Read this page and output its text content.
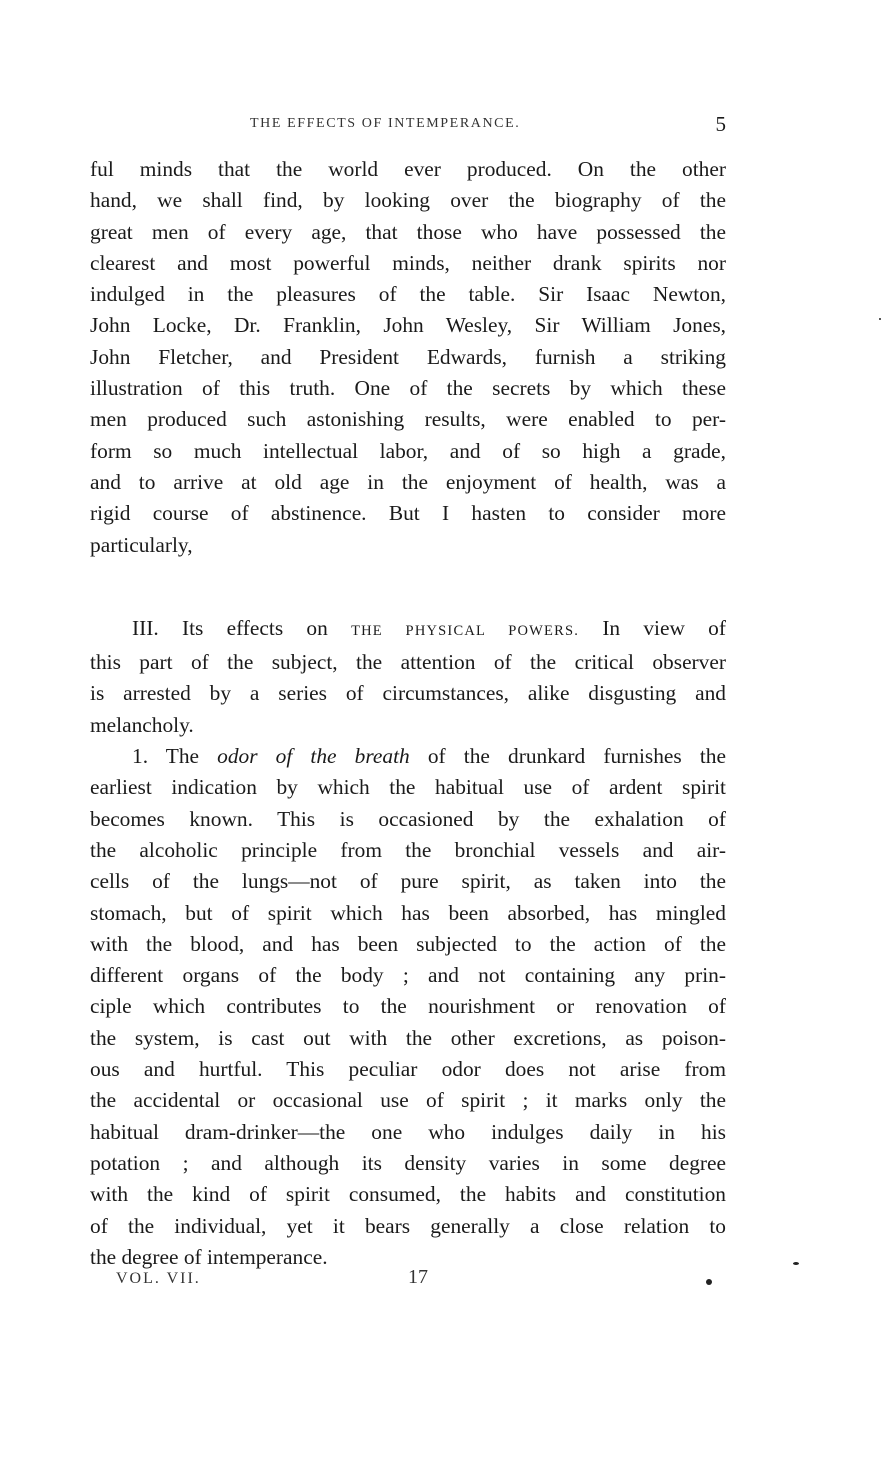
THE EFFECTS OF INTEMPERANCE.	5
ful minds that the world ever produced. On the other
hand, we shall find, by looking over the biography of the
great men of every age, that those who have possessed the
clearest and most powerful minds, neither drank spirits nor
indulged in the pleasures of the table. Sir Isaac Newton,
John Locke, Dr. Franklin, John Wesley, Sir William Jones,
John Fletcher, and President Edwards, furnish a striking
illustration of this truth. One of the secrets by which these
men produced such astonishing results, were enabled to per-
form so much intellectual labor, and of so high a grade,
and to arrive at old age in the enjoyment of health, was a
rigid course of abstinence. But I hasten to consider more
particularly,
III. Its effects on THE PHYSICAL POWERS. In view of
this part of the subject, the attention of the critical observer
is arrested by a series of circumstances, alike disgusting and
melancholy.
1. The odor of the breath of the drunkard furnishes the
earliest indication by which the habitual use of ardent spirit
becomes known. This is occasioned by the exhalation of
the alcoholic principle from the bronchial vessels and air-
cells of the lungs—not of pure spirit, as taken into the
stomach, but of spirit which has been absorbed, has mingled
with the blood, and has been subjected to the action of the
different organs of the body ; and not containing any prin-
ciple which contributes to the nourishment or renovation of
the system, is cast out with the other excretions, as poison-
ous and hurtful. This peculiar odor does not arise from
the accidental or occasional use of spirit ; it marks only the
habitual dram-drinker—the one who indulges daily in his
potation ; and although its density varies in some degree
with the kind of spirit consumed, the habits and constitution
of the individual, yet it bears generally a close relation to
the degree of intemperance.
VOL. VII.	17
